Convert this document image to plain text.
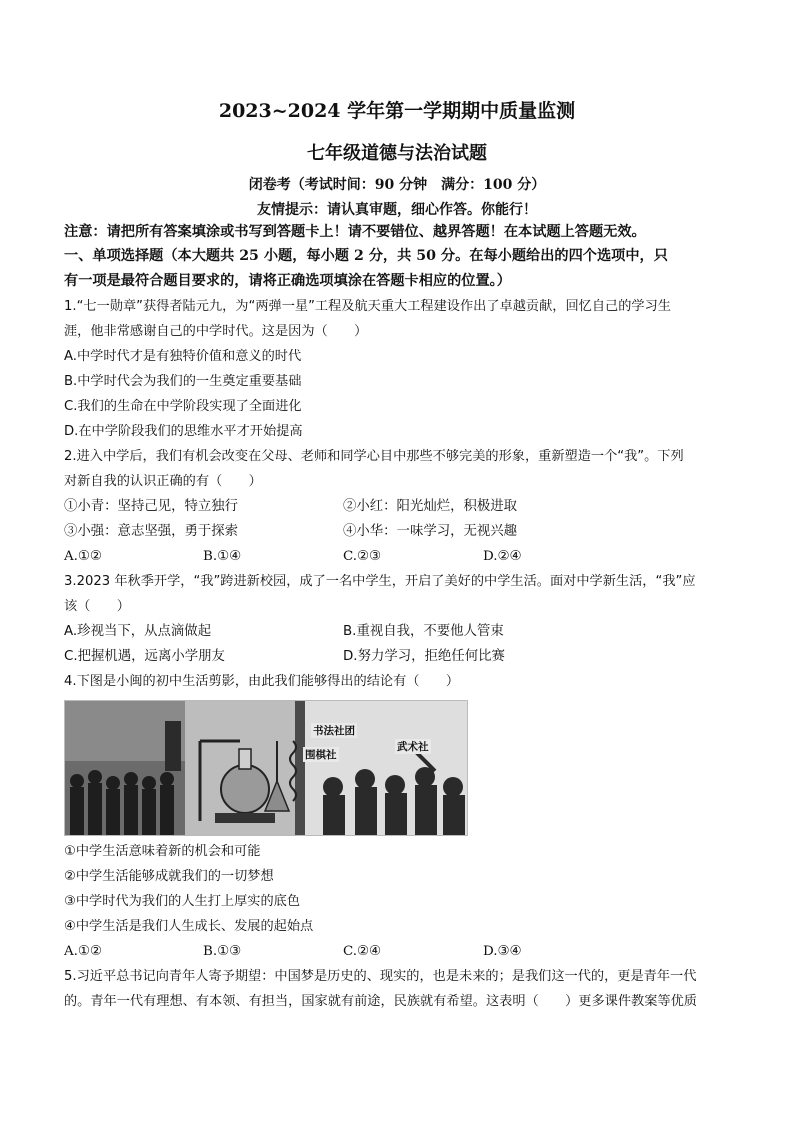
2023~2024 学年第一学期期中质量监测
七年级道德与法治试题
闭卷考（考试时间：90 分钟　满分：100 分）
友情提示：请认真审题，细心作答。你能行！
注意：请把所有答案填涂或书写到答题卡上！请不要错位、越界答题！在本试题上答题无效。
一、单项选择题（本大题共 25 小题，每小题 2 分，共 50 分。在每小题给出的四个选项中，只
有一项是最符合题目要求的，请将正确选项填涂在答题卡相应的位置。）
1.“七一勋章”获得者陆元九，为“两弹一星”工程及航天重大工程建设作出了卓越贡献，回忆自己的学习生
涯，他非常感谢自己的中学时代。这是因为（　　）
A.中学时代才是有独特价值和意义的时代
B.中学时代会为我们的一生奠定重要基础
C.我们的生命在中学阶段实现了全面进化
D.在中学阶段我们的思维水平才开始提高
2.进入中学后，我们有机会改变在父母、老师和同学心目中那些不够完美的形象，重新塑造一个“我”。下列
对新自我的认识正确的有（　　）
①小青：坚持己见，特立独行	②小红：阳光灿烂，积极进取
③小强：意志坚强，勇于探索	④小华：一味学习，无视兴趣
A.①②	B.①④	C.②③	D.②④
3.2023 年秋季开学，“我”跨进新校园，成了一名中学生，开启了美好的中学生活。面对中学新生活，“我”应
该（　　）
A.珍视当下，从点滴做起	B.重视自我，不要他人管束
C.把握机遇，远离小学朋友	D.努力学习，拒绝任何比赛
4.下图是小闽的初中生活剪影，由此我们能够得出的结论有（　　）
书法社团
武术社
围棋社
①中学生活意味着新的机会和可能
②中学生活能够成就我们的一切梦想
③中学时代为我们的人生打上厚实的底色
④中学生活是我们人生成长、发展的起始点
A.①②	B.①③	C.②④	D.③④
5.习近平总书记向青年人寄予期望：中国梦是历史的、现实的，也是未来的；是我们这一代的，更是青年一代
的。青年一代有理想、有本领、有担当，国家就有前途，民族就有希望。这表明（　　）更多课件教案等优质
